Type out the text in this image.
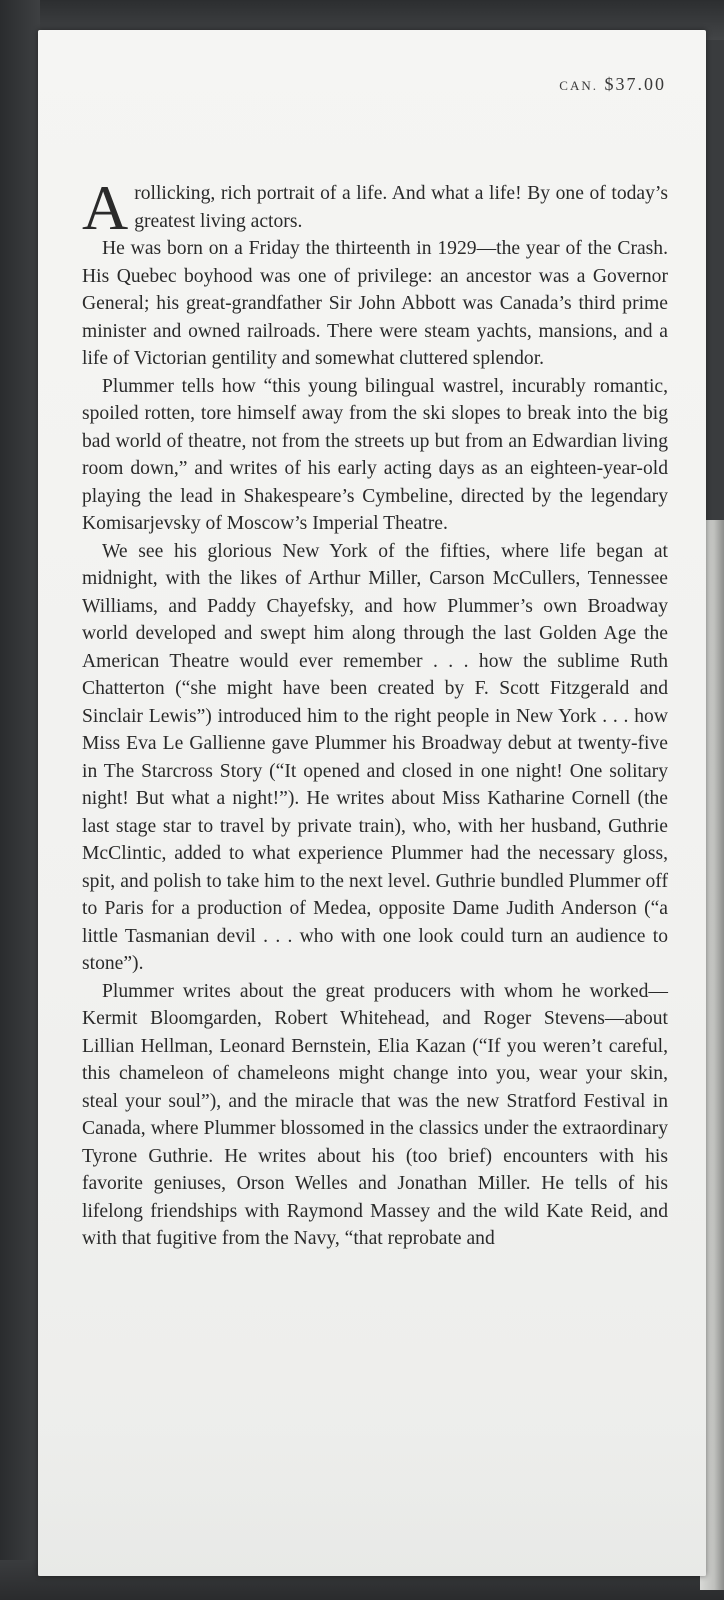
CAN. $37.00

A rollicking, rich portrait of a life. And what a life! By one of today’s greatest living actors.

He was born on a Friday the thirteenth in 1929—the year of the Crash. His Quebec boyhood was one of privilege: an ancestor was a Governor General; his great-grandfather Sir John Abbott was Canada’s third prime minister and owned railroads. There were steam yachts, mansions, and a life of Victorian gentility and somewhat cluttered splendor.

Plummer tells how “this young bilingual wastrel, incurably romantic, spoiled rotten, tore himself away from the ski slopes to break into the big bad world of theatre, not from the streets up but from an Edwardian living room down,” and writes of his early acting days as an eighteen-year-old playing the lead in Shakespeare’s Cymbeline, directed by the legendary Komisarjevsky of Moscow’s Imperial Theatre.

We see his glorious New York of the fifties, where life began at midnight, with the likes of Arthur Miller, Carson McCullers, Tennessee Williams, and Paddy Chayefsky, and how Plummer’s own Broadway world developed and swept him along through the last Golden Age the American Theatre would ever remember . . . how the sublime Ruth Chatterton (“she might have been created by F. Scott Fitzgerald and Sinclair Lewis”) introduced him to the right people in New York . . . how Miss Eva Le Gallienne gave Plummer his Broadway debut at twenty-five in The Starcross Story (“It opened and closed in one night! One solitary night! But what a night!”). He writes about Miss Katharine Cornell (the last stage star to travel by private train), who, with her husband, Guthrie McClintic, added to what experience Plummer had the necessary gloss, spit, and polish to take him to the next level. Guthrie bundled Plummer off to Paris for a production of Medea, opposite Dame Judith Anderson (“a little Tasmanian devil . . . who with one look could turn an audience to stone”).

Plummer writes about the great producers with whom he worked—Kermit Bloomgarden, Robert Whitehead, and Roger Stevens—about Lillian Hellman, Leonard Bernstein, Elia Kazan (“If you weren’t careful, this chameleon of chameleons might change into you, wear your skin, steal your soul”), and the miracle that was the new Stratford Festival in Canada, where Plummer blossomed in the classics under the extraordinary Tyrone Guthrie. He writes about his (too brief) encounters with his favorite geniuses, Orson Welles and Jonathan Miller. He tells of his lifelong friendships with Raymond Massey and the wild Kate Reid, and with that fugitive from the Navy, “that reprobate and
